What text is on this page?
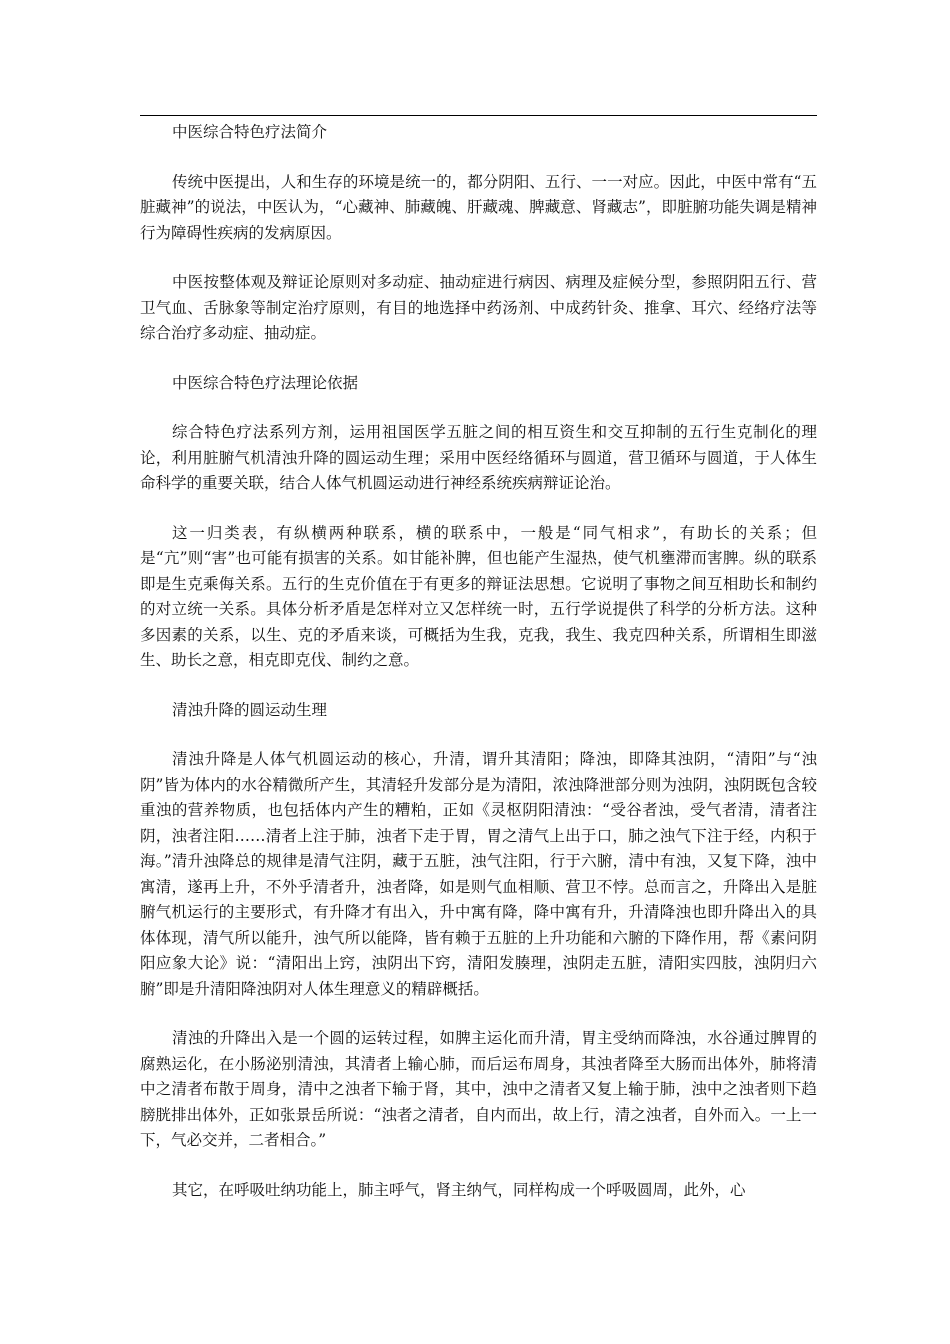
中医综合特色疗法简介

传统中医提出，人和生存的环境是统一的，都分阴阳、五行、一一对应。因此，中医中常有“五脏藏神”的说法，中医认为，“心藏神、肺藏魄、肝藏魂、脾藏意、肾藏志”，即脏腑功能失调是精神行为障碍性疾病的发病原因。

中医按整体观及辩证论原则对多动症、抽动症进行病因、病理及症候分型，参照阴阳五行、营卫气血、舌脉象等制定治疗原则，有目的地选择中药汤剂、中成药针灸、推拿、耳穴、经络疗法等综合治疗多动症、抽动症。

中医综合特色疗法理论依据

综合特色疗法系列方剂，运用祖国医学五脏之间的相互资生和交互抑制的五行生克制化的理论，利用脏腑气机清浊升降的圆运动生理；采用中医经络循环与圆道，营卫循环与圆道，于人体生命科学的重要关联，结合人体气机圆运动进行神经系统疾病辩证论治。

这一归类表，有纵横两种联系，横的联系中，一般是“同气相求”，有助长的关系；但是“亢”则“害”也可能有损害的关系。如甘能补脾，但也能产生湿热，使气机壅滞而害脾。纵的联系即是生克乘侮关系。五行的生克价值在于有更多的辩证法思想。它说明了事物之间互相助长和制约的对立统一关系。具体分析矛盾是怎样对立又怎样统一时，五行学说提供了科学的分析方法。这种多因素的关系，以生、克的矛盾来谈，可概括为生我，克我，我生、我克四种关系，所谓相生即滋生、助长之意，相克即克伐、制约之意。

清浊升降的圆运动生理

清浊升降是人体气机圆运动的核心，升清，谓升其清阳；降浊，即降其浊阴，“清阳”与“浊阴”皆为体内的水谷精微所产生，其清轻升发部分是为清阳，浓浊降泄部分则为浊阴，浊阴既包含较重浊的营养物质，也包括体内产生的糟粕，正如《灵枢阴阳清浊：“受谷者浊，受气者清，清者注阴，浊者注阳……清者上注于肺，浊者下走于胃，胃之清气上出于口，肺之浊气下注于经，内积于海。”清升浊降总的规律是清气注阴，藏于五脏，浊气注阳，行于六腑，清中有浊，又复下降，浊中寓清，遂再上升，不外乎清者升，浊者降，如是则气血相顺、营卫不悖。总而言之，升降出入是脏腑气机运行的主要形式，有升降才有出入，升中寓有降，降中寓有升，升清降浊也即升降出入的具体体现，清气所以能升，浊气所以能降，皆有赖于五脏的上升功能和六腑的下降作用，帮《素问阴阳应象大论》说：“清阳出上窍，浊阴出下窍，清阳发腠理，浊阴走五脏，清阳实四肢，浊阴归六腑”即是升清阳降浊阴对人体生理意义的精辟概括。

清浊的升降出入是一个圆的运转过程，如脾主运化而升清，胃主受纳而降浊，水谷通过脾胃的腐熟运化，在小肠泌别清浊，其清者上输心肺，而后运布周身，其浊者降至大肠而出体外，肺将清中之清者布散于周身，清中之浊者下输于肾，其中，浊中之清者又复上输于肺，浊中之浊者则下趋膀胱排出体外，正如张景岳所说：“浊者之清者，自内而出，故上行，清之浊者，自外而入。一上一下，气必交并，二者相合。”

其它，在呼吸吐纳功能上，肺主呼气，肾主纳气，同样构成一个呼吸圆周，此外，心
